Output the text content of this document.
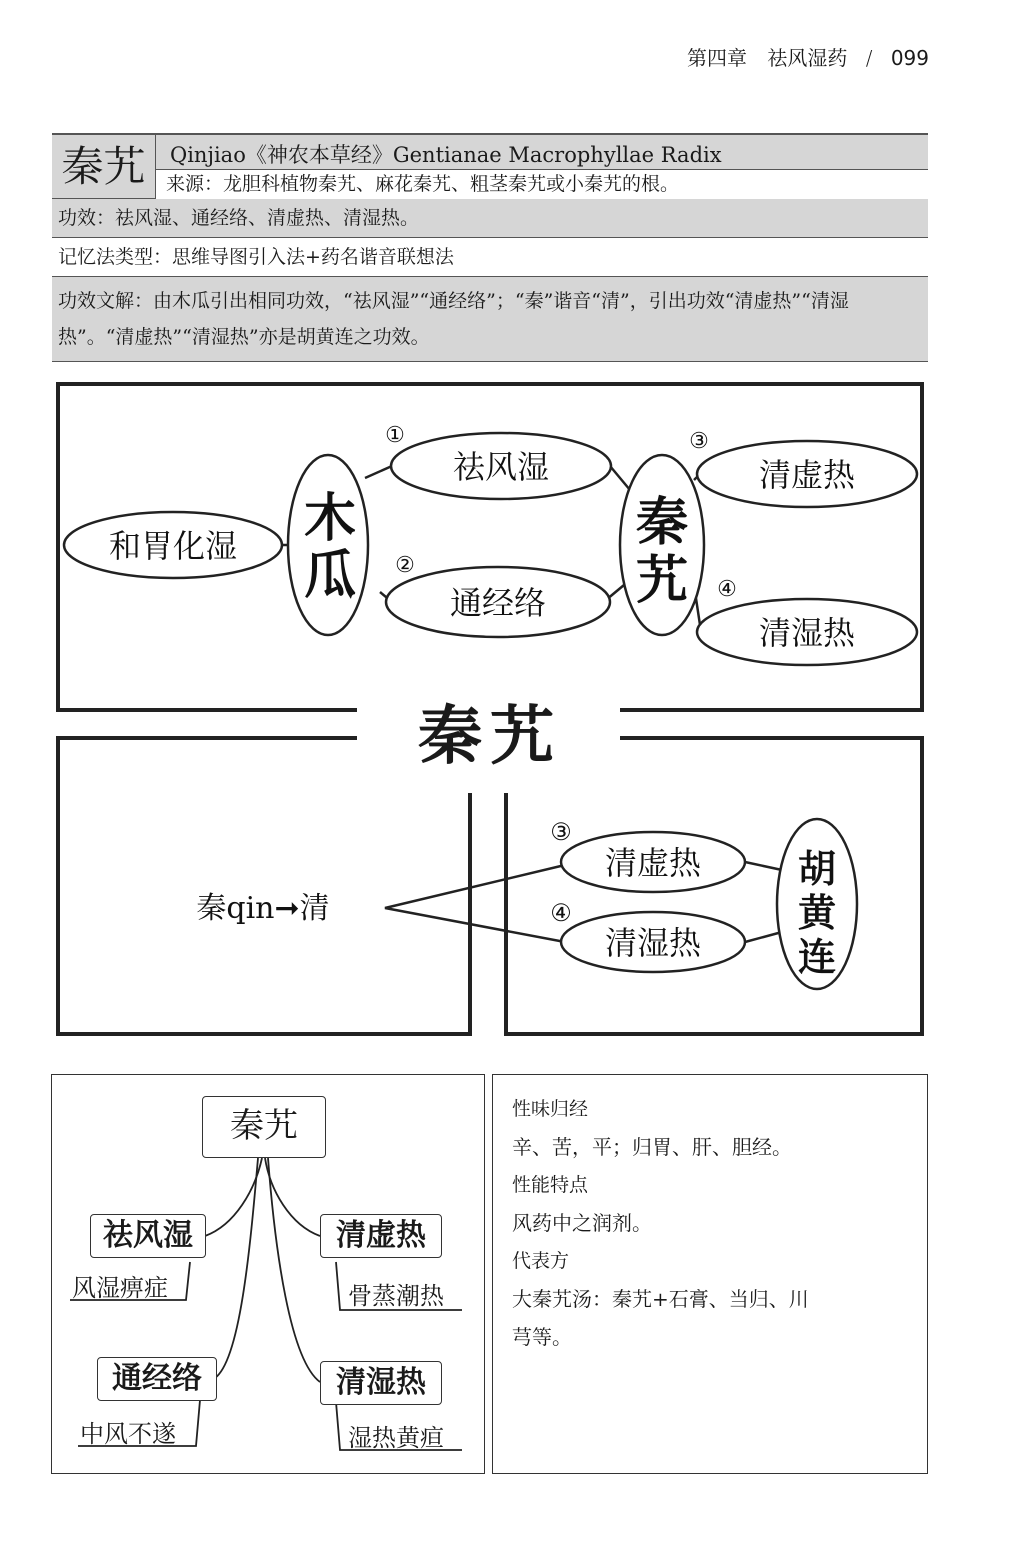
第四章 祛风湿药 / 099
秦艽	Qinjiao《神农本草经》Gentianae Macrophyllae Radix
来源：龙胆科植物秦艽、麻花秦艽、粗茎秦艽或小秦艽的根。
功效：祛风湿、通经络、清虚热、清湿热。
记忆法类型：思维导图引入法+药名谐音联想法
功效文解：由木瓜引出相同功效，“祛风湿”“通经络”；“秦”谐音“清”，引出功效“清虚热”“清湿热”。“清虚热”“清湿热”亦是胡黄连之功效。
和胃化湿 木
瓜
祛风湿
通经络
秦
艽
清虚热
清湿热
①
②
③
④
秦qin➞清
③
④
清虚热
清湿热
胡
黄
连
秦艽
秦艽
祛风湿	清虚热
通经络	清湿热
风湿痹症	骨蒸潮热
中风不遂	湿热黄疸
性味归经
辛、苦，平；归胃、肝、胆经。
性能特点
风药中之润剂。
代表方
大秦艽汤：秦艽+石膏、当归、川
芎等。
